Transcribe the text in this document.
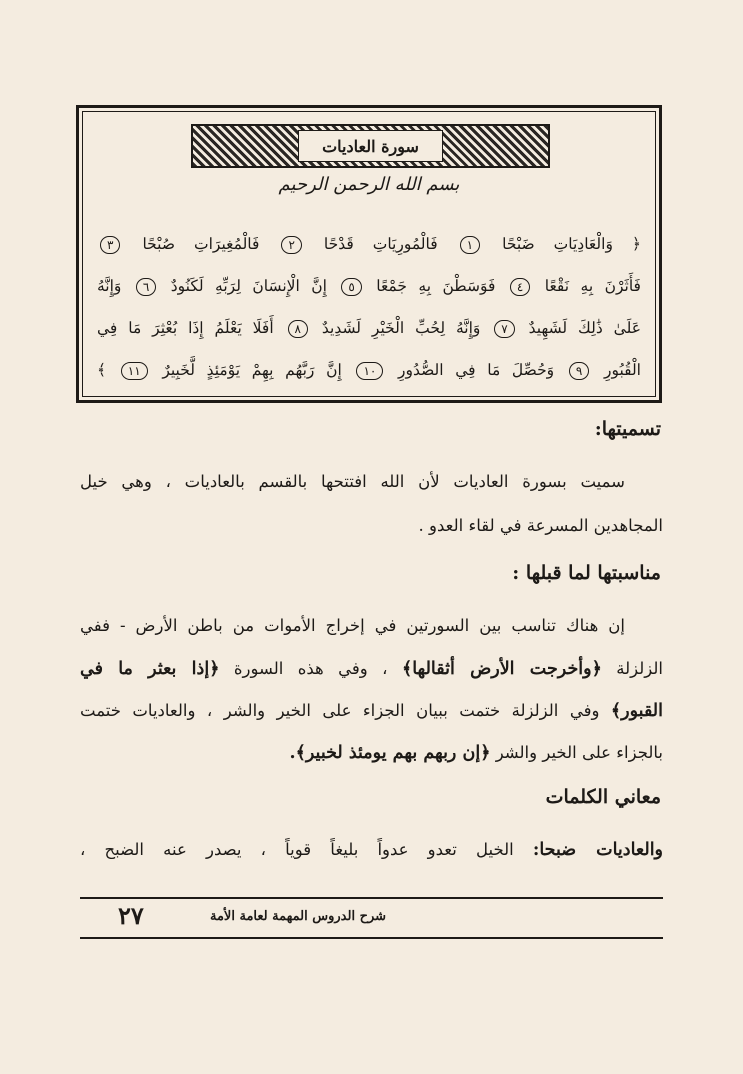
سورة العاديات
بسم الله الرحمن الرحيم
﴿ وَالْعَادِيَاتِ ضَبْحًا ١ فَالْمُورِيَاتِ قَدْحًا ٢ فَالْمُغِيرَاتِ صُبْحًا ٣
فَأَثَرْنَ بِهِ نَقْعًا ٤ فَوَسَطْنَ بِهِ جَمْعًا ٥ إِنَّ الْإِنسَانَ لِرَبِّهِ لَكَنُودٌ ٦ وَإِنَّهُ
عَلَىٰ ذَٰلِكَ لَشَهِيدٌ ٧ وَإِنَّهُ لِحُبِّ الْخَيْرِ لَشَدِيدٌ ٨ أَفَلَا يَعْلَمُ إِذَا بُعْثِرَ مَا فِي
الْقُبُورِ ٩ وَحُصِّلَ مَا فِي الصُّدُورِ ١٠ إِنَّ رَبَّهُم بِهِمْ يَوْمَئِذٍ لَّخَبِيرٌ ١١ ﴾
تسميتها:
سميت بسورة العاديات لأن الله افتتحها بالقسم بالعاديات ، وهي خيل
المجاهدين المسرعة في لقاء العدو .
مناسبتها لما قبلها :
إن هناك تناسب بين السورتين في إخراج الأموات من باطن الأرض - ففي
الزلزلة ﴿وأخرجت الأرض أثقالها﴾ ، وفي هذه السورة ﴿إذا بعثر ما في
القبور﴾ وفي الزلزلة ختمت ببيان الجزاء على الخير والشر ، والعاديات ختمت
بالجزاء على الخير والشر ﴿إن ربهم بهم يومئذ لخبير﴾.
معاني الكلمات
والعاديات ضبحا: الخيل تعدو عدواً بليغاً قوياً ، يصدر عنه الضبح ،
شرح الدروس المهمة لعامة الأمة
٢٧
